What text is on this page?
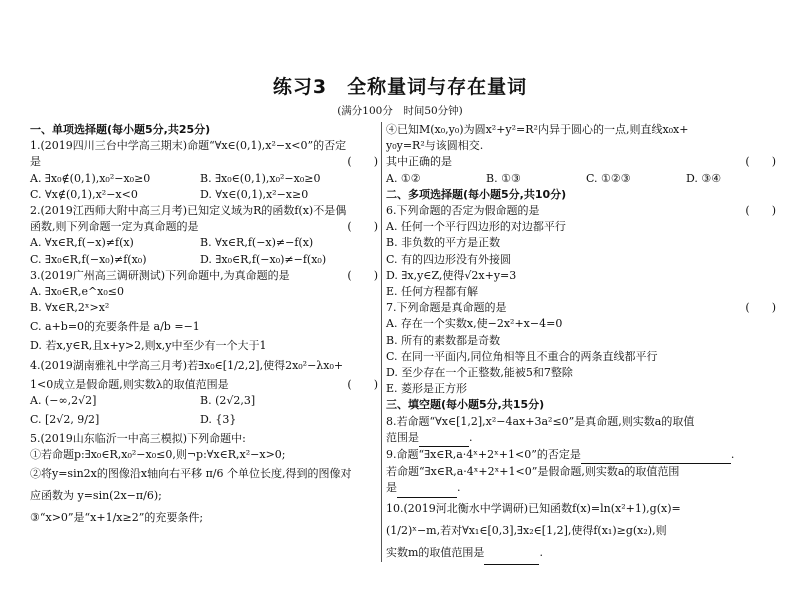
练习3　全称量词与存在量词
(满分100分　时间50分钟)
一、单项选择题(每小题5分,共25分)
1.(2019四川三台中学高三期末)命题“∀x∈(0,1),x²−x<0”的否定
是	(　　)
A. ∃x₀∉(0,1),x₀²−x₀≥0	B. ∃x₀∈(0,1),x₀²−x₀≥0
C. ∀x∉(0,1),x²−x<0	D. ∀x∈(0,1),x²−x≥0
2.(2019江西师大附中高三月考)已知定义域为R的函数f(x)不是偶
函数,则下列命题一定为真命题的是	(　　)
A. ∀x∈R,f(−x)≠f(x)	B. ∀x∈R,f(−x)≠−f(x)
C. ∃x₀∈R,f(−x₀)≠f(x₀)	D. ∃x₀∈R,f(−x₀)≠−f(x₀)
3.(2019广州高三调研测试)下列命题中,为真命题的是	(　　)
A. ∃x₀∈R,e^x₀≤0
B. ∀x∈R,2ˣ>x²
C. a+b=0的充要条件是 a/b =−1
D. 若x,y∈R,且x+y>2,则x,y中至少有一个大于1
4.(2019湖南雅礼中学高三月考)若∃x₀∈[1/2,2],使得2x₀²−λx₀+
1<0成立是假命题,则实数λ的取值范围是	(　　)
A. (−∞,2√2]	B. (2√2,3]
C. [2√2, 9/2]	D. {3}
5.(2019山东临沂一中高三模拟)下列命题中:
①若命题p:∃x₀∈R,x₀²−x₀≤0,则¬p:∀x∈R,x²−x>0;
②将y=sin2x的图像沿x轴向右平移 π/6 个单位长度,得到的图像对
应函数为 y=sin(2x−π/6);
③“x>0”是“x+1/x≥2”的充要条件;
④已知M(x₀,y₀)为圆x²+y²=R²内异于圆心的一点,则直线x₀x+
y₀y=R²与该圆相交.
其中正确的是	(　　)
A. ①②	B. ①③	C. ①②③	D. ③④
二、多项选择题(每小题5分,共10分)
6.下列命题的否定为假命题的是	(　　)
A. 任何一个平行四边形的对边都平行
B. 非负数的平方是正数
C. 有的四边形没有外接圆
D. ∃x,y∈Z,使得√2x+y=3
E. 任何方程都有解
7.下列命题是真命题的是	(　　)
A. 存在一个实数x,使−2x²+x−4=0
B. 所有的素数都是奇数
C. 在同一平面内,同位角相等且不重合的两条直线都平行
D. 至少存在一个正整数,能被5和7整除
E. 菱形是正方形
三、填空题(每小题5分,共15分)
8.若命题“∀x∈[1,2],x²−4ax+3a²≤0”是真命题,则实数a的取值
范围是	.
9.命题“∃x∈R,a·4ˣ+2ˣ+1<0”的否定是	.
若命题“∃x∈R,a·4ˣ+2ˣ+1<0”是假命题,则实数a的取值范围
是	.
10.(2019河北衡水中学调研)已知函数f(x)=ln(x²+1),g(x)=
(1/2)ˣ−m,若对∀x₁∈[0,3],∃x₂∈[1,2],使得f(x₁)≥g(x₂),则
实数m的取值范围是	.
